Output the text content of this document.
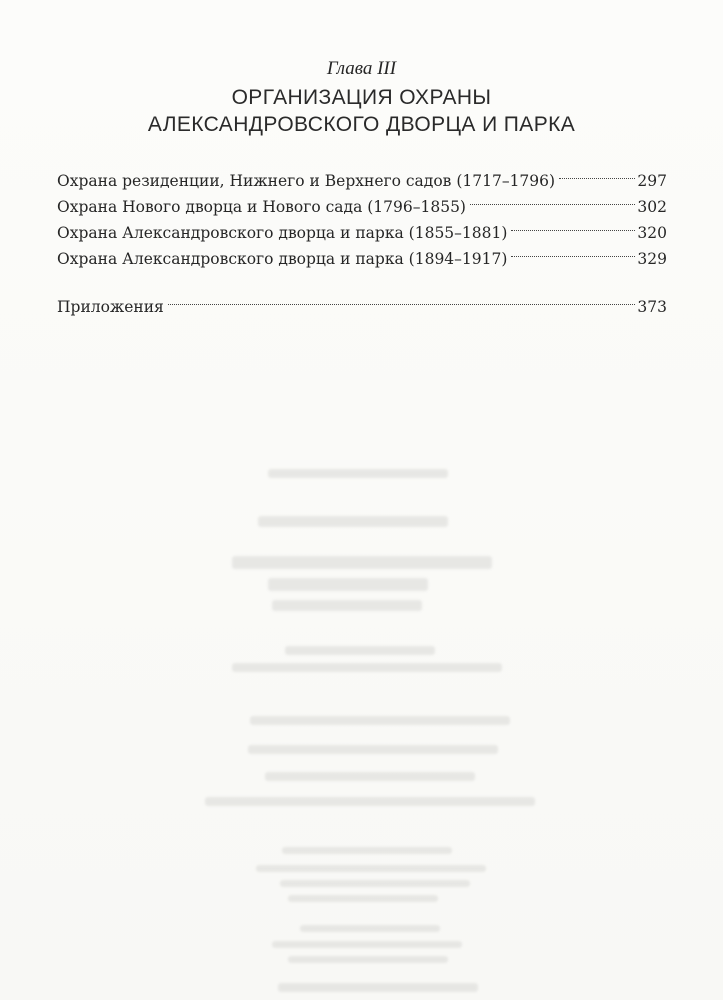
Глава III
ОРГАНИЗАЦИЯ ОХРАНЫ
АЛЕКСАНДРОВСКОГО ДВОРЦА И ПАРКА
Охрана резиденции, Нижнего и Верхнего садов (1717–1796)	297
Охрана Нового дворца и Нового сада (1796–1855)	302
Охрана Александровского дворца и парка (1855–1881)	320
Охрана Александровского дворца и парка (1894–1917)	329
Приложения	373
